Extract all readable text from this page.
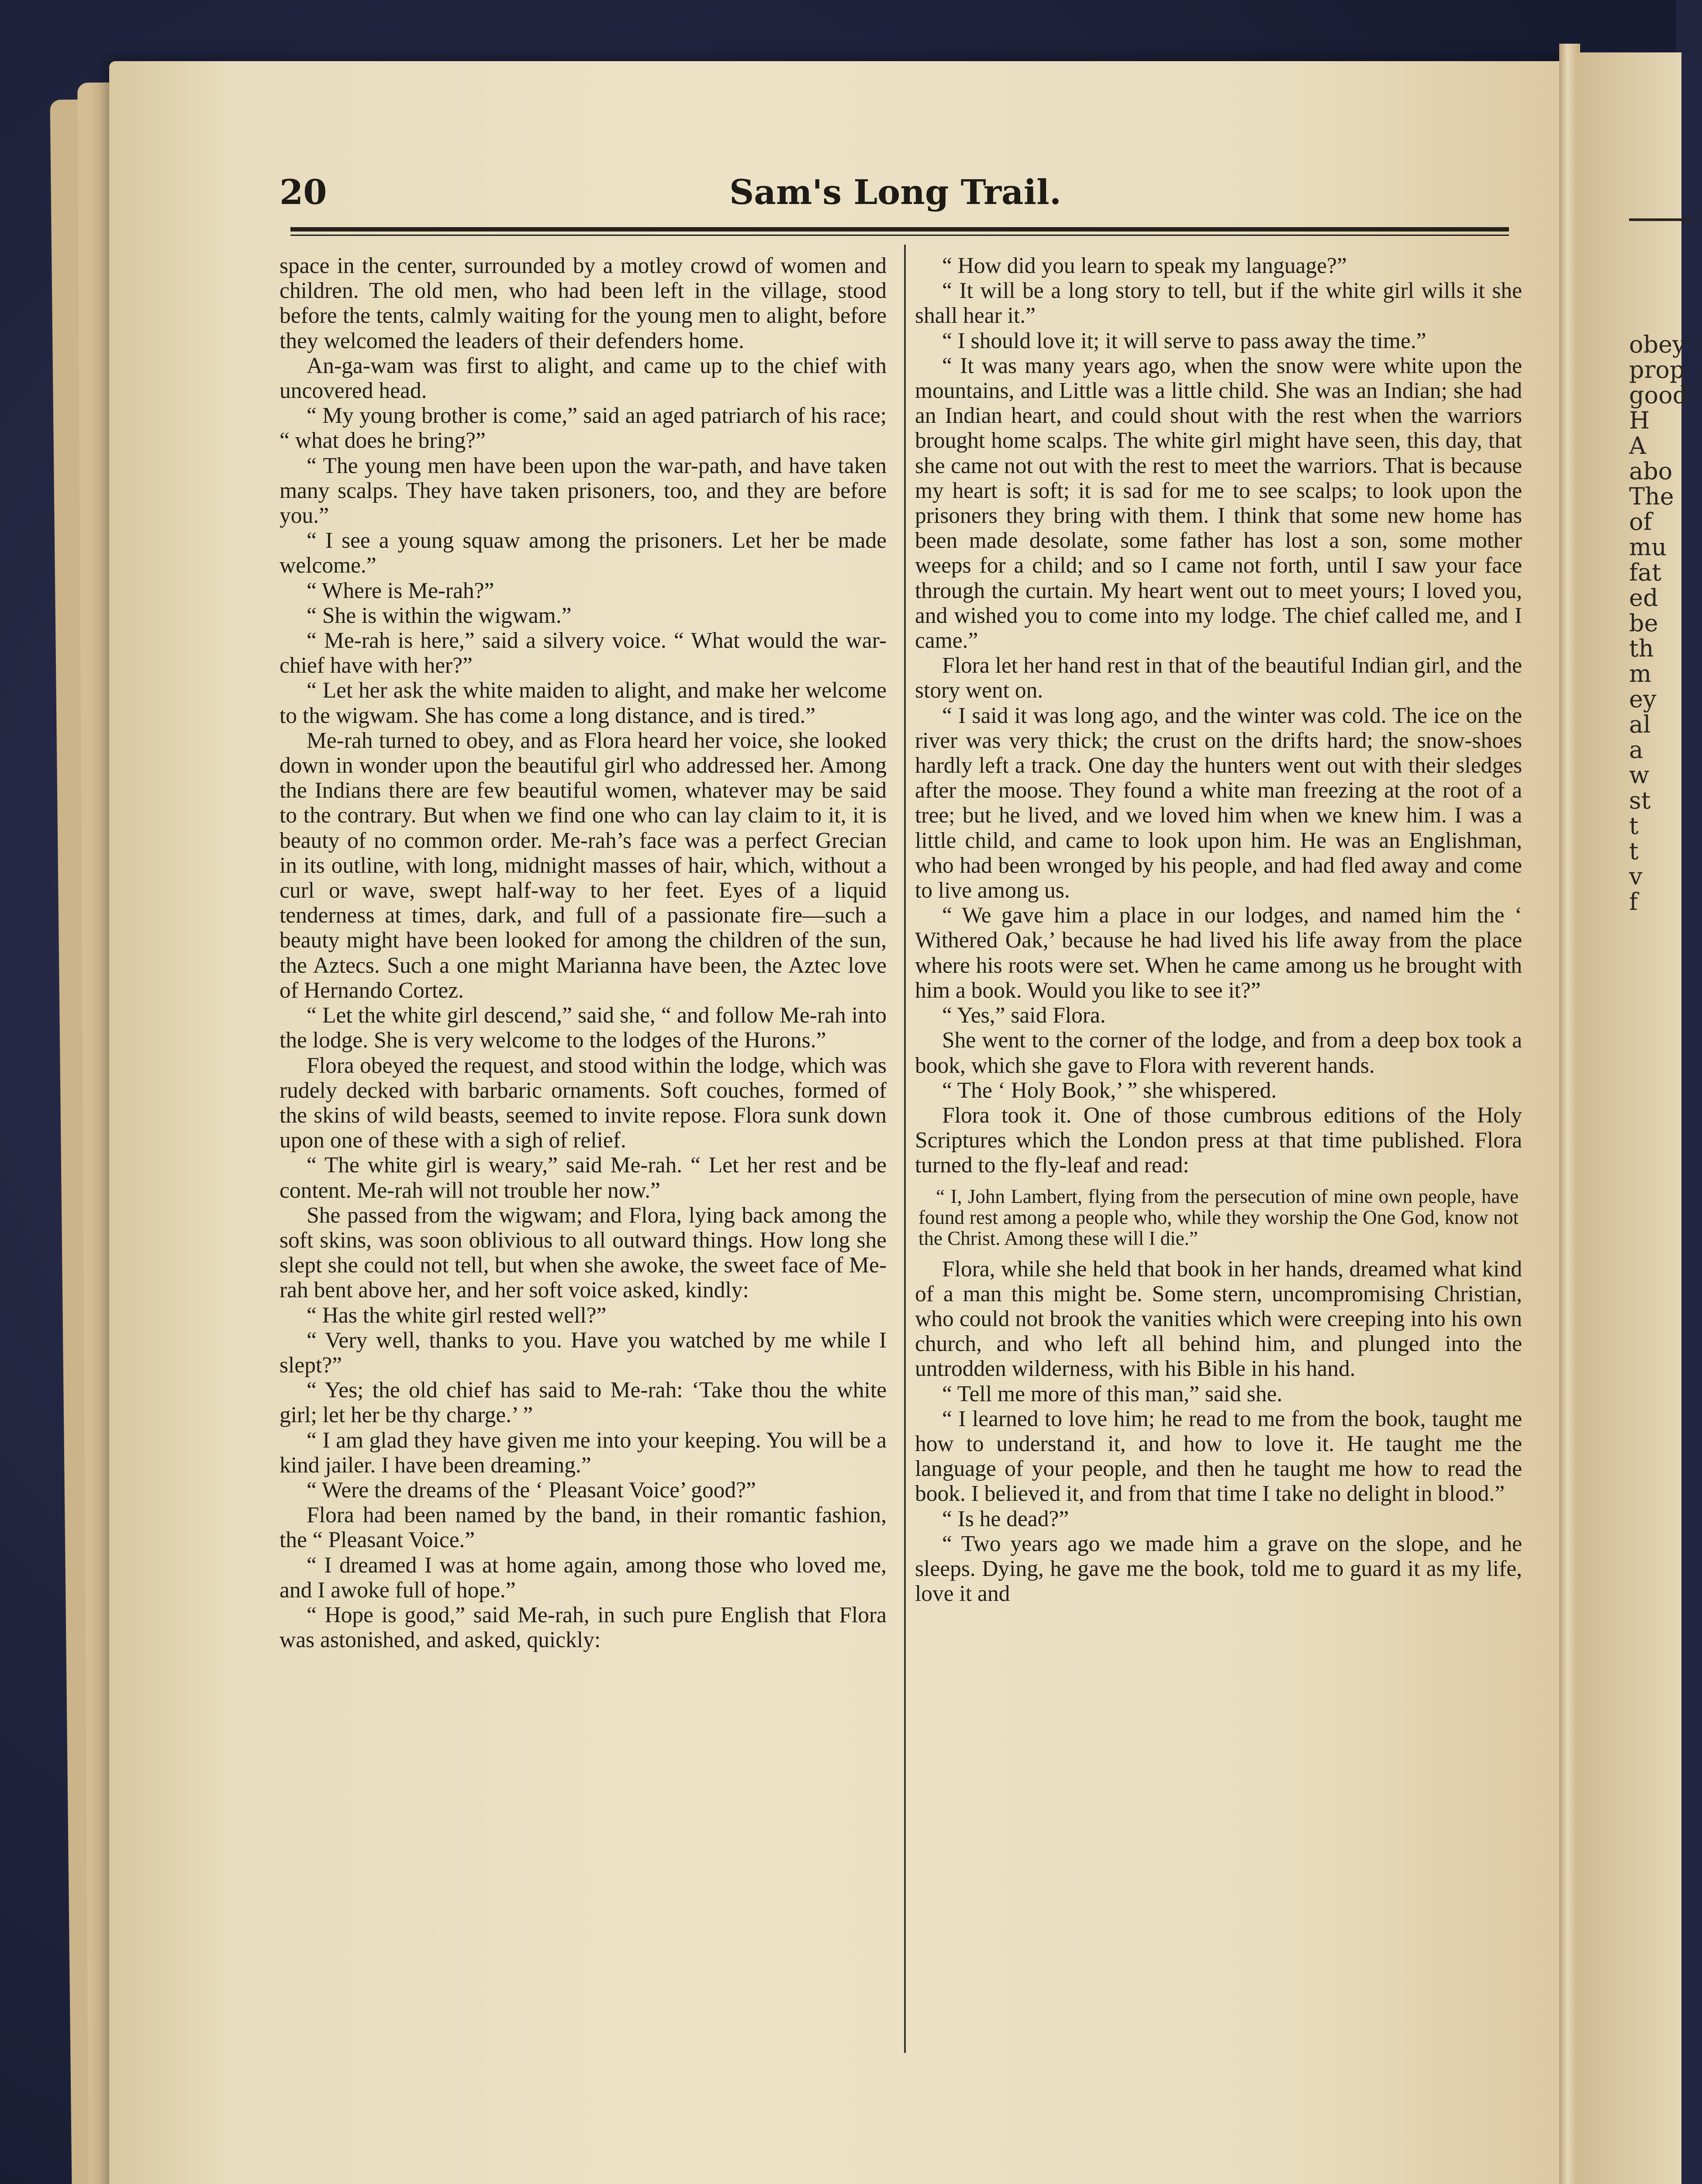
obey
prop
good
H
A
abo
The
of
mu
fat
ed
be
th
m
ey
al
a
w
st
t
t
v
f
Sam's Long Trail.
20

space in the center, surrounded by a motley crowd of women and children. The old men, who had been left in the village, stood before the tents, calmly waiting for the young men to alight, before they welcomed the leaders of their defenders home.

An-ga-wam was first to alight, and came up to the chief with uncovered head.

“ My young brother is come,” said an aged patriarch of his race; “ what does he bring?”

“ The young men have been upon the war-path, and have taken many scalps. They have taken prisoners, too, and they are before you.”

“ I see a young squaw among the prisoners. Let her be made welcome.”

“ Where is Me-rah?”

“ She is within the wigwam.”

“ Me-rah is here,” said a silvery voice. “ What would the war-chief have with her?”

“ Let her ask the white maiden to alight, and make her welcome to the wigwam. She has come a long distance, and is tired.”

Me-rah turned to obey, and as Flora heard her voice, she looked down in wonder upon the beautiful girl who addressed her. Among the Indians there are few beautiful women, whatever may be said to the contrary. But when we find one who can lay claim to it, it is beauty of no common order. Me-rah’s face was a perfect Grecian in its outline, with long, midnight masses of hair, which, without a curl or wave, swept half-way to her feet. Eyes of a liquid tenderness at times, dark, and full of a passionate fire—such a beauty might have been looked for among the children of the sun, the Aztecs. Such a one might Marianna have been, the Aztec love of Hernando Cortez.

“ Let the white girl descend,” said she, “ and follow Me-rah into the lodge. She is very welcome to the lodges of the Hurons.”

Flora obeyed the request, and stood within the lodge, which was rudely decked with barbaric ornaments. Soft couches, formed of the skins of wild beasts, seemed to invite repose. Flora sunk down upon one of these with a sigh of relief.

“ The white girl is weary,” said Me-rah. “ Let her rest and be content. Me-rah will not trouble her now.”

She passed from the wigwam; and Flora, lying back among the soft skins, was soon oblivious to all outward things. How long she slept she could not tell, but when she awoke, the sweet face of Me-rah bent above her, and her soft voice asked, kindly:

“ Has the white girl rested well?”

“ Very well, thanks to you. Have you watched by me while I slept?”

“ Yes; the old chief has said to Me-rah: ‘Take thou the white girl; let her be thy charge.’ ”

“ I am glad they have given me into your keeping. You will be a kind jailer. I have been dreaming.”

“ Were the dreams of the ‘ Pleasant Voice’ good?”

Flora had been named by the band, in their romantic fashion, the “ Pleasant Voice.”

“ I dreamed I was at home again, among those who loved me, and I awoke full of hope.”

“ Hope is good,” said Me-rah, in such pure English that Flora was astonished, and asked, quickly:

“ How did you learn to speak my language?”

“ It will be a long story to tell, but if the white girl wills it she shall hear it.”

“ I should love it; it will serve to pass away the time.”

“ It was many years ago, when the snow were white upon the mountains, and Little was a little child. She was an Indian; she had an Indian heart, and could shout with the rest when the warriors brought home scalps. The white girl might have seen, this day, that she came not out with the rest to meet the warriors. That is because my heart is soft; it is sad for me to see scalps; to look upon the prisoners they bring with them. I think that some new home has been made desolate, some father has lost a son, some mother weeps for a child; and so I came not forth, until I saw your face through the curtain. My heart went out to meet yours; I loved you, and wished you to come into my lodge. The chief called me, and I came.”

Flora let her hand rest in that of the beautiful Indian girl, and the story went on.

“ I said it was long ago, and the winter was cold. The ice on the river was very thick; the crust on the drifts hard; the snow-shoes hardly left a track. One day the hunters went out with their sledges after the moose. They found a white man freezing at the root of a tree; but he lived, and we loved him when we knew him. I was a little child, and came to look upon him. He was an Englishman, who had been wronged by his people, and had fled away and come to live among us.

“ We gave him a place in our lodges, and named him the ‘ Withered Oak,’ because he had lived his life away from the place where his roots were set. When he came among us he brought with him a book. Would you like to see it?”

“ Yes,” said Flora.

She went to the corner of the lodge, and from a deep box took a book, which she gave to Flora with reverent hands.

“ The ‘ Holy Book,’ ” she whispered.

Flora took it. One of those cumbrous editions of the Holy Scriptures which the London press at that time published. Flora turned to the fly-leaf and read:

“ I, John Lambert, flying from the persecution of mine own people, have found rest among a people who, while they worship the One God, know not the Christ. Among these will I die.”

Flora, while she held that book in her hands, dreamed what kind of a man this might be. Some stern, uncompromising Christian, who could not brook the vanities which were creeping into his own church, and who left all behind him, and plunged into the untrodden wilderness, with his Bible in his hand.

“ Tell me more of this man,” said she.

“ I learned to love him; he read to me from the book, taught me how to understand it, and how to love it. He taught me the language of your people, and then he taught me how to read the book. I believed it, and from that time I take no delight in blood.”

“ Is he dead?”

“ Two years ago we made him a grave on the slope, and he sleeps. Dying, he gave me the book, told me to guard it as my life, love it and
